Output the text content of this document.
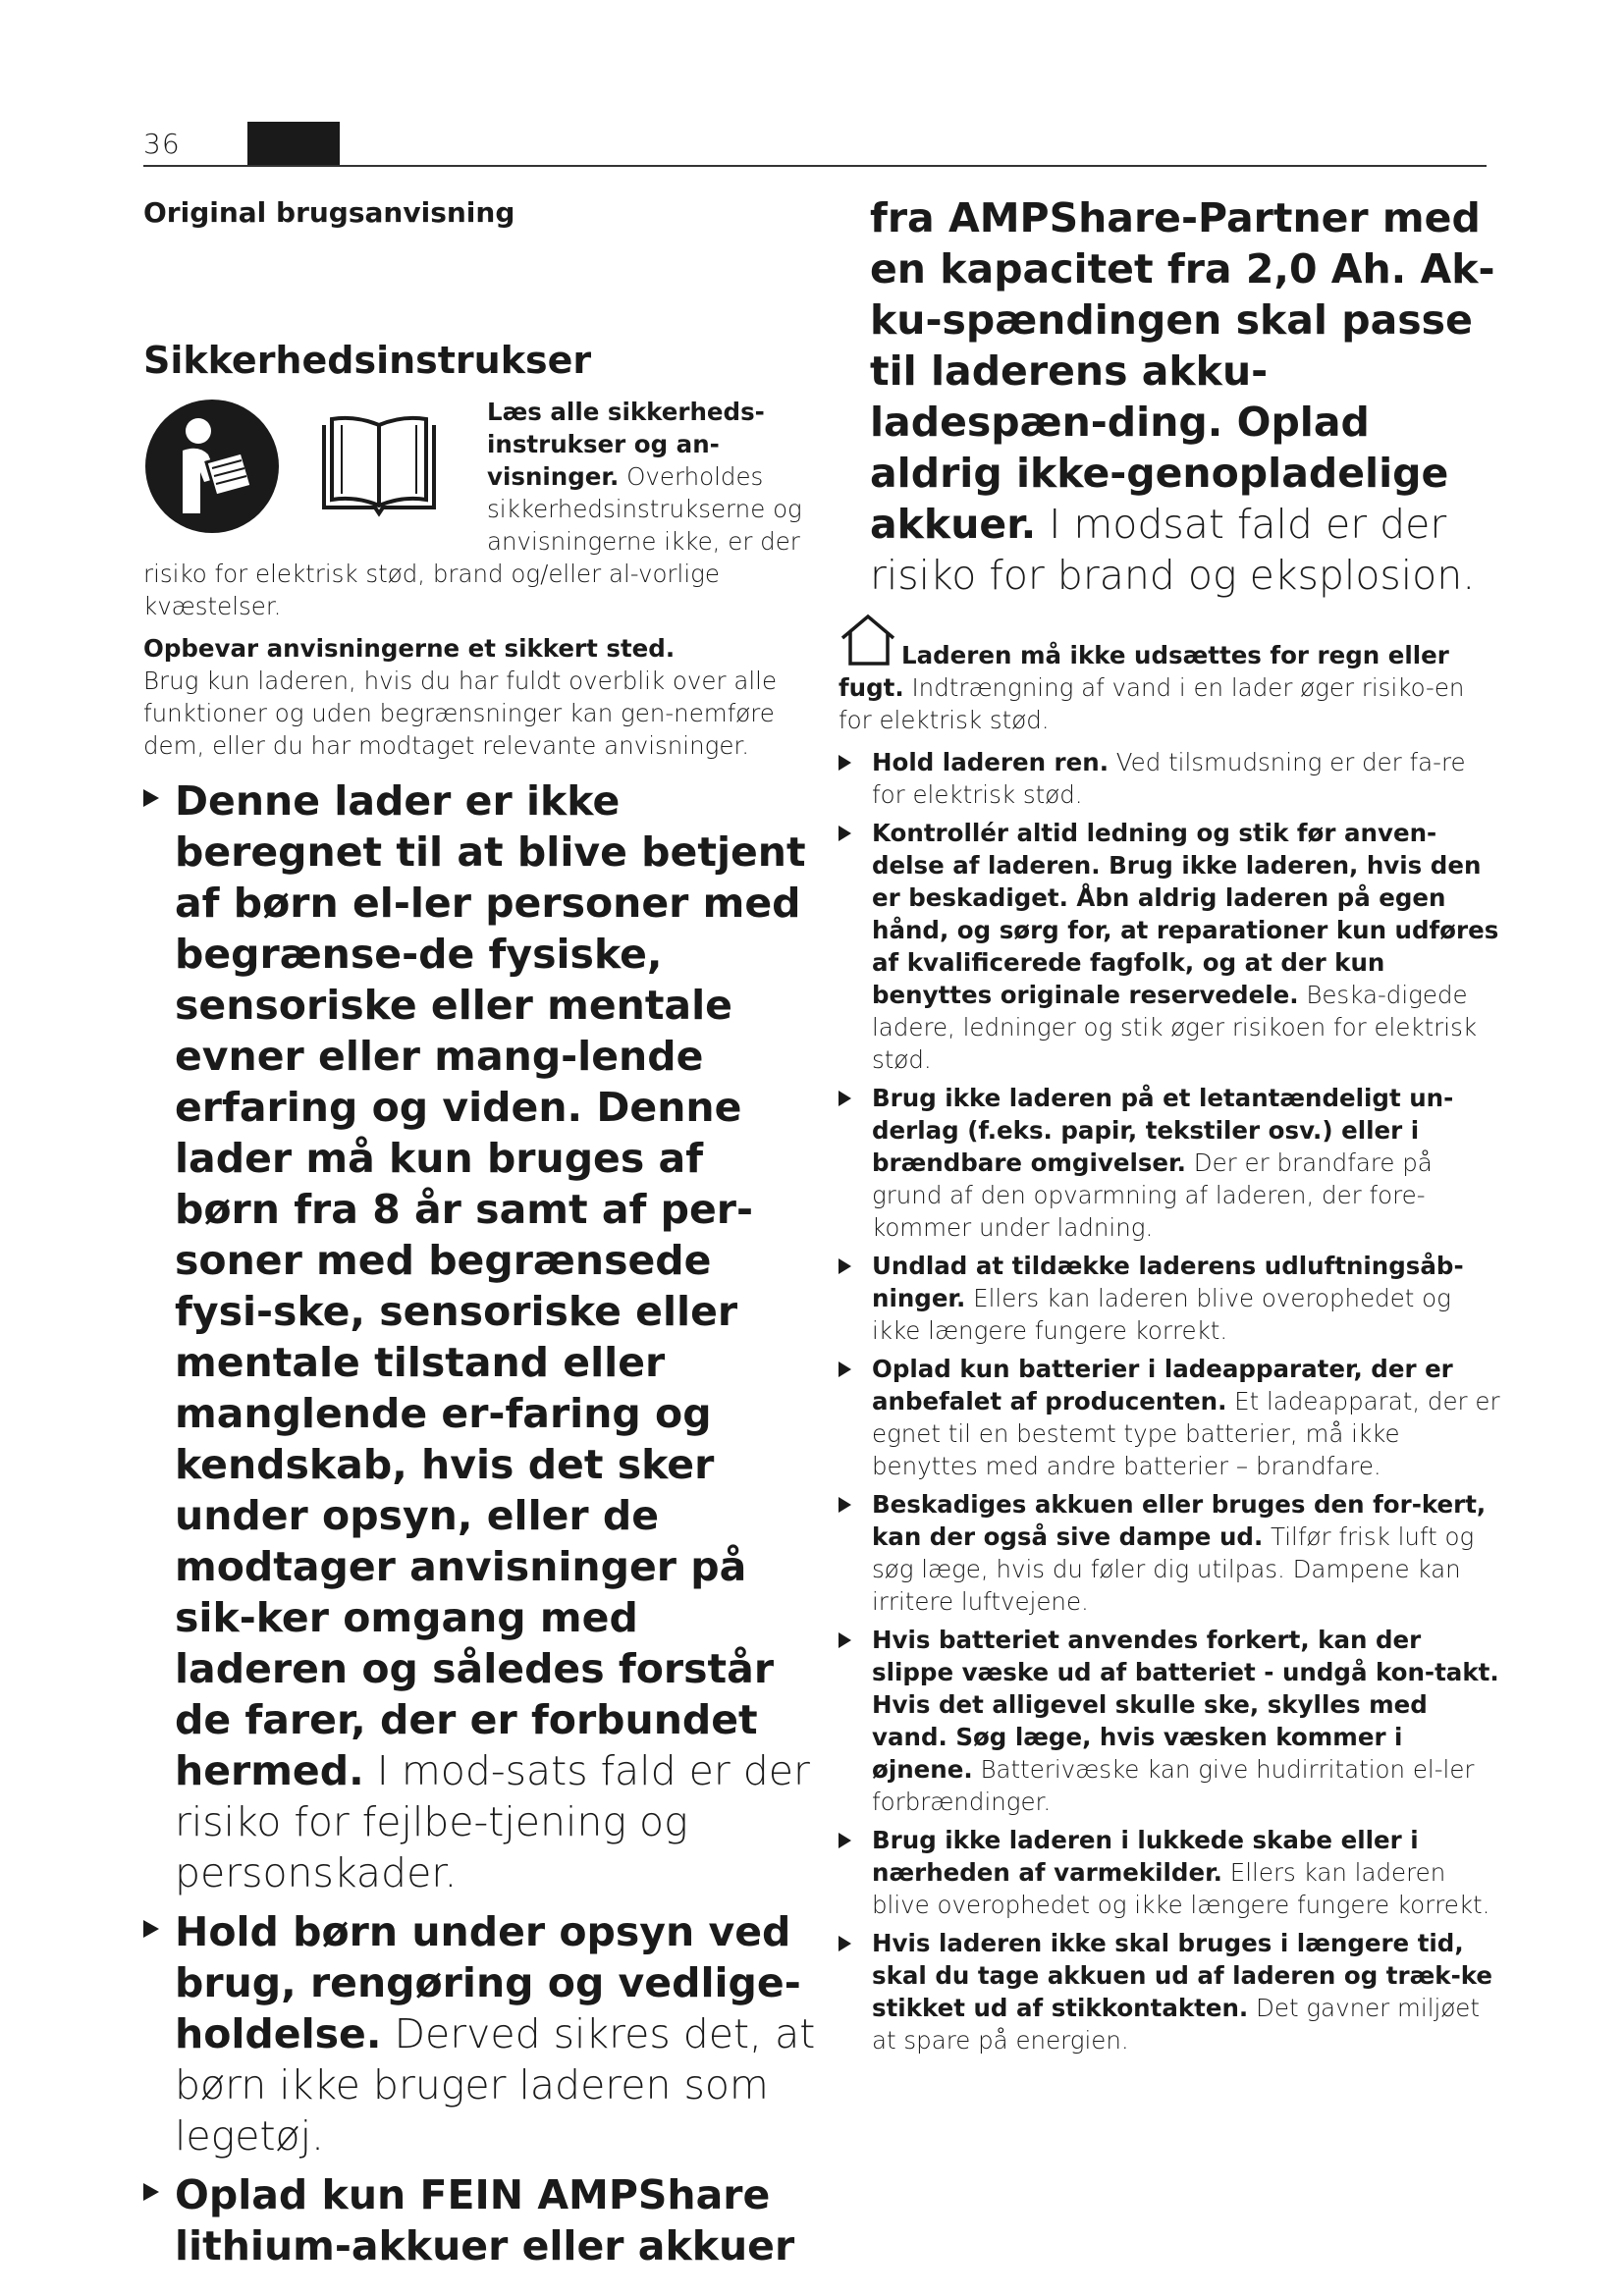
36

Original brugsanvisning

Sikkerhedsinstrukser

Læs alle sikkerheds-instrukser og an-visninger. Overholdes sikkerhedsinstrukserne og anvisningerne ikke, er der risiko for elektrisk stød, brand og/eller al-vorlige kvæstelser.

Opbevar anvisningerne et sikkert sted.
Brug kun laderen, hvis du har fuldt overblik over alle funktioner og uden begrænsninger kan gen-nemføre dem, eller du har modtaget relevante anvisninger.

Denne lader er ikke beregnet til at blive betjent af børn el-ler personer med begrænse-de fysiske, sensoriske eller mentale evner eller mang-lende erfaring og viden. Denne lader må kun bruges af børn fra 8 år samt af per-soner med begrænsede fysi-ske, sensoriske eller mentale tilstand eller manglende er-faring og kendskab, hvis det sker under opsyn, eller de modtager anvisninger på sik-ker omgang med laderen og således forstår de farer, der er forbundet hermed. I mod-sats fald er der risiko for fejlbe-tjening og personskader.
Hold børn under opsyn ved brug, rengøring og vedlige-holdelse. Derved sikres det, at børn ikke bruger laderen som legetøj.
Oplad kun FEIN AMPShare lithium-akkuer eller akkuer

fra AMPShare-Partner med en kapacitet fra 2,0 Ah. Ak-ku-spændingen skal passe til laderens akku-ladespæn-ding. Oplad aldrig ikke-genopladelige akkuer. I modsat fald er der risiko for brand og eksplosion.

Laderen må ikke udsættes for regn eller fugt. Indtrængning af vand i en lader øger risiko-en for elektrisk stød.

Hold laderen ren. Ved tilsmudsning er der fa-re for elektrisk stød.
Kontrollér altid ledning og stik før anven-delse af laderen. Brug ikke laderen, hvis den er beskadiget. Åbn aldrig laderen på egen hånd, og sørg for, at reparationer kun udføres af kvalificerede fagfolk, og at der kun benyttes originale reservedele. Beska-digede ladere, ledninger og stik øger risikoen for elektrisk stød.
Brug ikke laderen på et letantændeligt un-derlag (f.eks. papir, tekstiler osv.) eller i brændbare omgivelser. Der er brandfare på grund af den opvarmning af laderen, der fore-kommer under ladning.
Undlad at tildække laderens udluftningsåb-ninger. Ellers kan laderen blive overophedet og ikke længere fungere korrekt.
Oplad kun batterier i ladeapparater, der er anbefalet af producenten. Et ladeapparat, der er egnet til en bestemt type batterier, må ikke benyttes med andre batterier – brandfare.
Beskadiges akkuen eller bruges den for-kert, kan der også sive dampe ud. Tilfør frisk luft og søg læge, hvis du føler dig utilpas. Dampene kan irritere luftvejene.
Hvis batteriet anvendes forkert, kan der slippe væske ud af batteriet - undgå kon-takt. Hvis det alligevel skulle ske, skylles med vand. Søg læge, hvis væsken kommer i øjnene. Batterivæske kan give hudirritation el-ler forbrændinger.
Brug ikke laderen i lukkede skabe eller i nærheden af varmekilder. Ellers kan laderen blive overophedet og ikke længere fungere korrekt.
Hvis laderen ikke skal bruges i længere tid, skal du tage akkuen ud af laderen og træk-ke stikket ud af stikkontakten. Det gavner miljøet at spare på energien.
